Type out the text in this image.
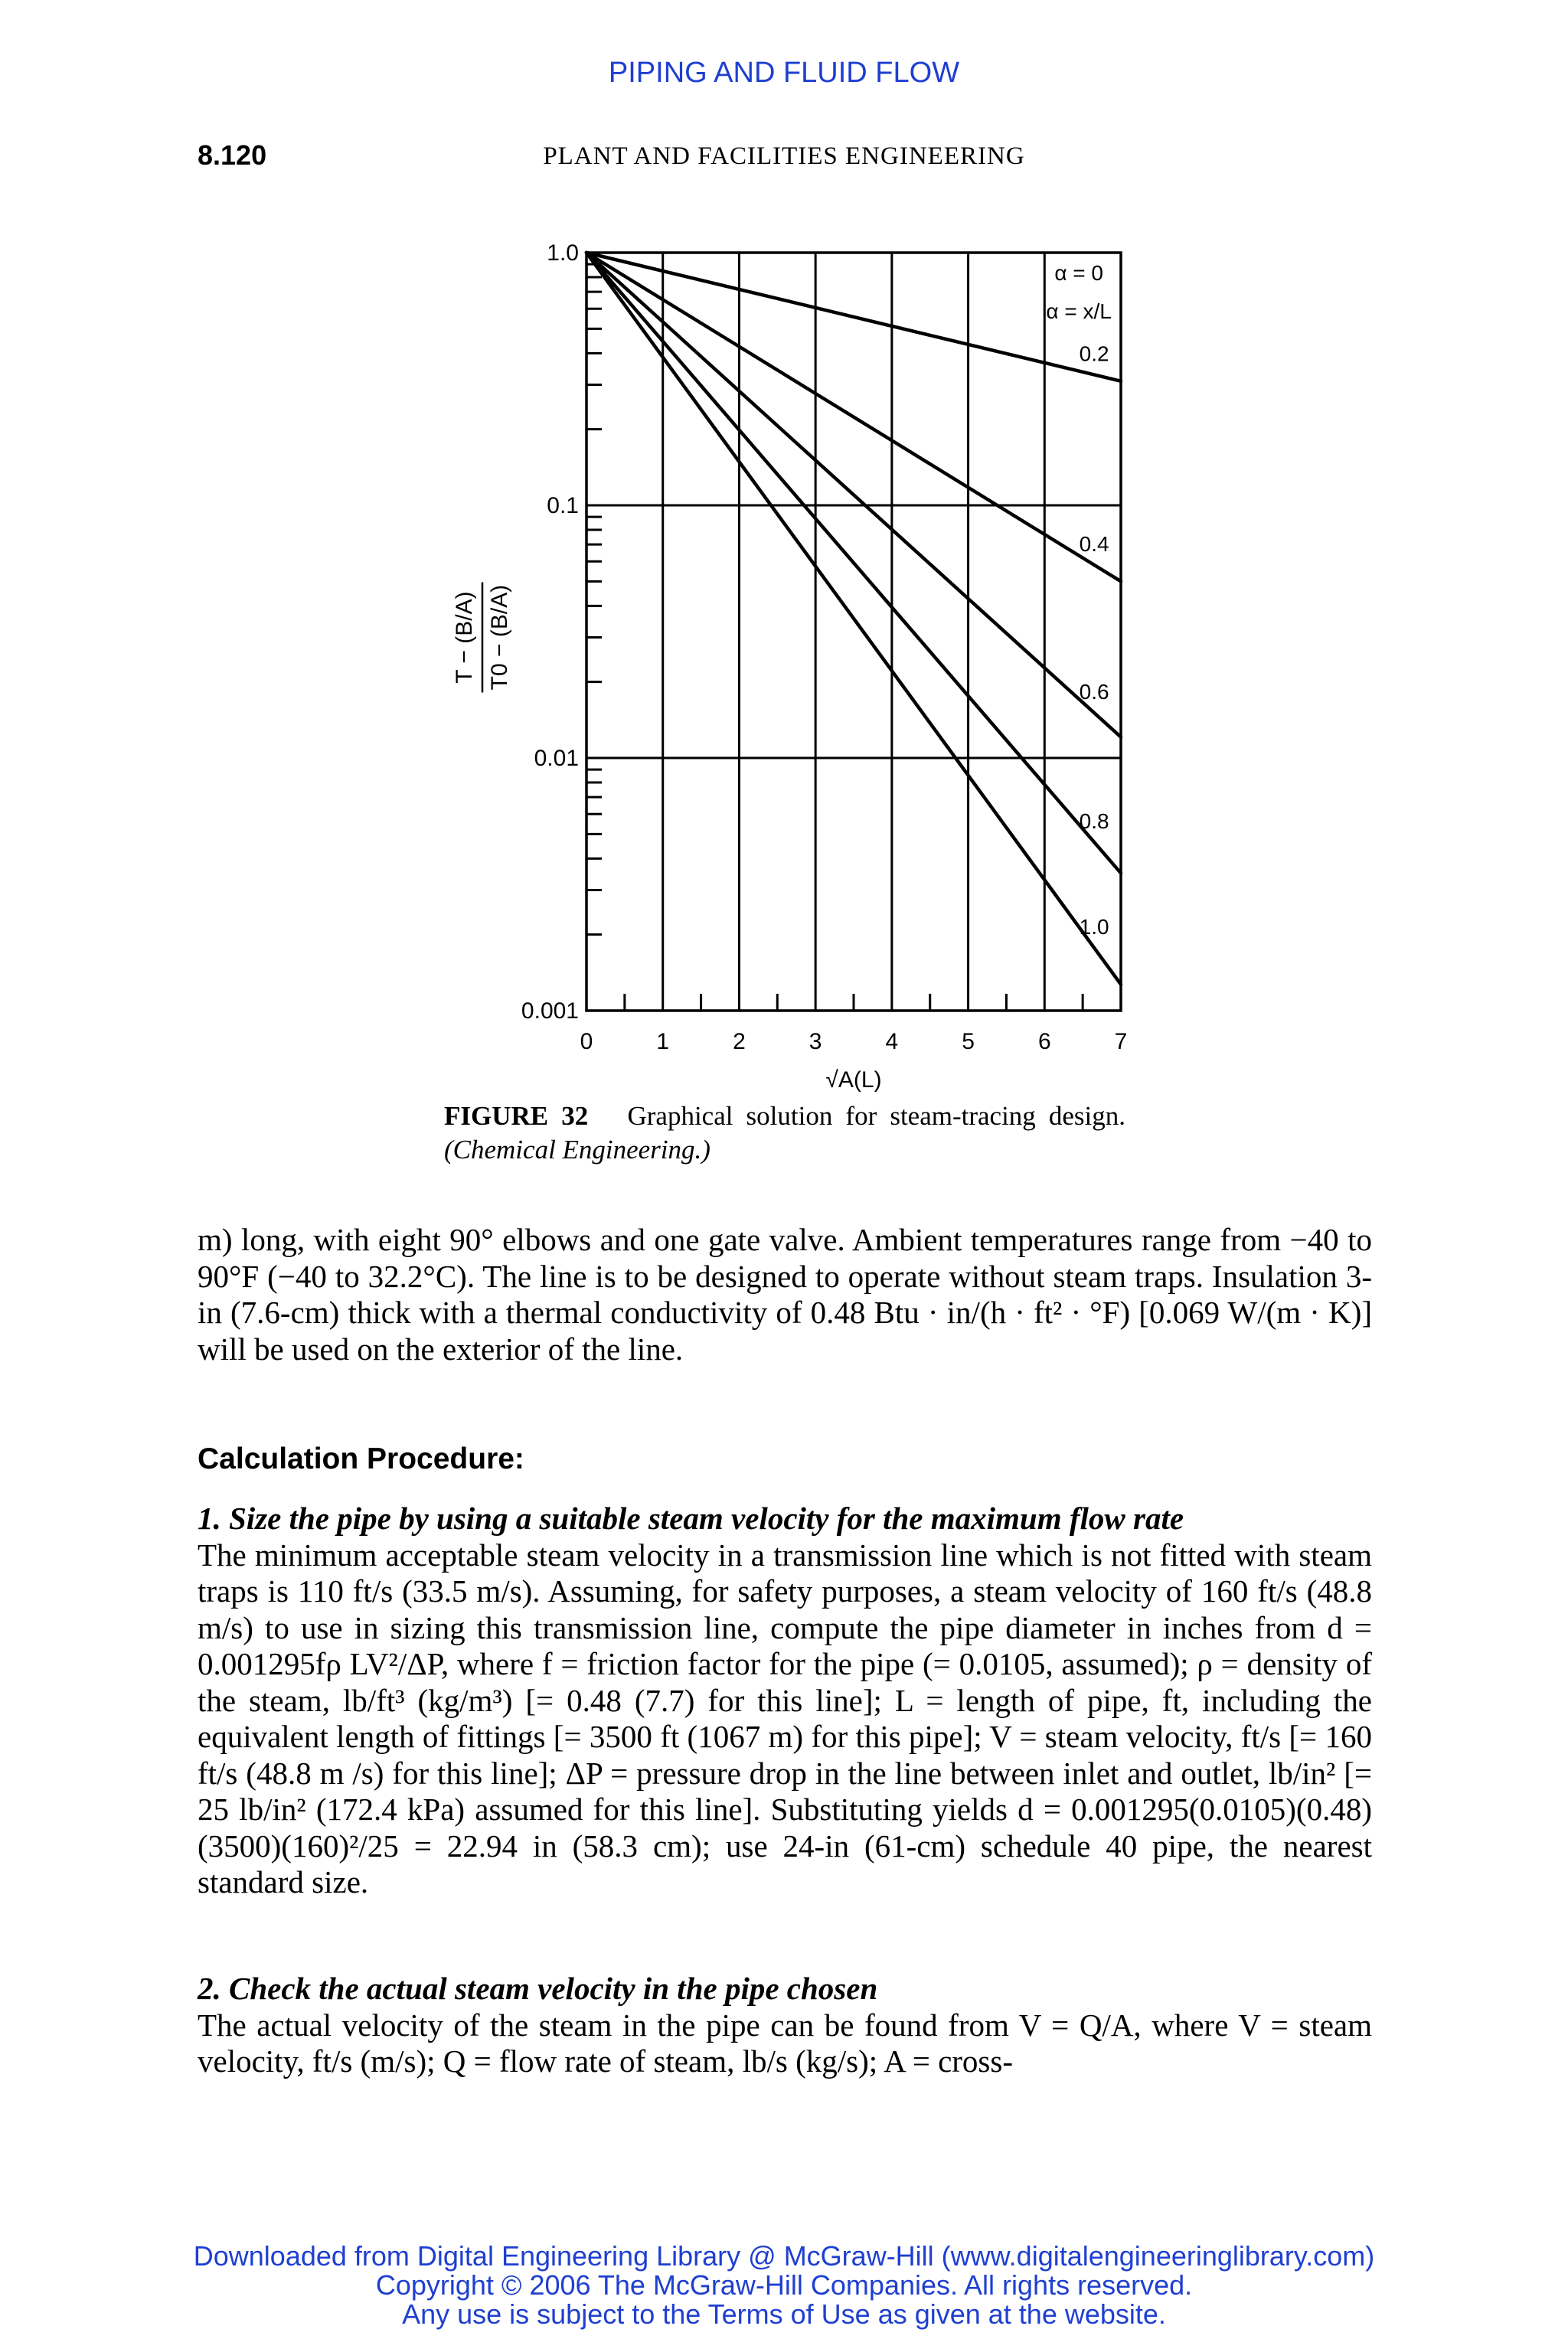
PIPING AND FLUID FLOW
8.120	PLANT AND FACILITIES ENGINEERING
1.0
0.1
0.01
0.001
0	1	2	3	4	5	6	7
√A(L)
T − (B/A) T0 − (B/A)
α = 0
α = x/L
0.2
0.4
0.6
0.8
1.0
FIGURE 32 Graphical solution for steam-tracing design. (Chemical Engineering.)
m) long, with eight 90° elbows and one gate valve. Ambient temperatures range from −40 to 90°F (−40 to 32.2°C). The line is to be designed to operate without steam traps. Insulation 3-in (7.6-cm) thick with a thermal conductivity of 0.48 Btu · in/(h · ft² · °F) [0.069 W/(m · K)] will be used on the exterior of the line.
Calculation Procedure:

1. Size the pipe by using a suitable steam velocity for the maximum flow rate

The minimum acceptable steam velocity in a transmission line which is not fitted with steam traps is 110 ft/s (33.5 m/s). Assuming, for safety purposes, a steam velocity of 160 ft/s (48.8 m/s) to use in sizing this transmission line, compute the pipe diameter in inches from d = 0.001295fρ LV²/ΔP, where f = friction factor for the pipe (= 0.0105, assumed); ρ = density of the steam, lb/ft³ (kg/m³) [= 0.48 (7.7) for this line]; L = length of pipe, ft, including the equivalent length of fittings [= 3500 ft (1067 m) for this pipe]; V = steam velocity, ft/s [= 160 ft/s (48.8 m /s) for this line]; ΔP = pressure drop in the line between inlet and outlet, lb/in² [= 25 lb/in² (172.4 kPa) assumed for this line]. Substituting yields d = 0.001295(0.0105)(0.48)(3500)(160)²/25 = 22.94 in (58.3 cm); use 24-in (61-cm) schedule 40 pipe, the nearest standard size.

2. Check the actual steam velocity in the pipe chosen

The actual velocity of the steam in the pipe can be found from V = Q/A, where V = steam velocity, ft/s (m/s); Q = flow rate of steam, lb/s (kg/s); A = cross-

Downloaded from Digital Engineering Library @ McGraw-Hill (www.digitalengineeringlibrary.com)
Copyright © 2006 The McGraw-Hill Companies. All rights reserved.
Any use is subject to the Terms of Use as given at the website.
